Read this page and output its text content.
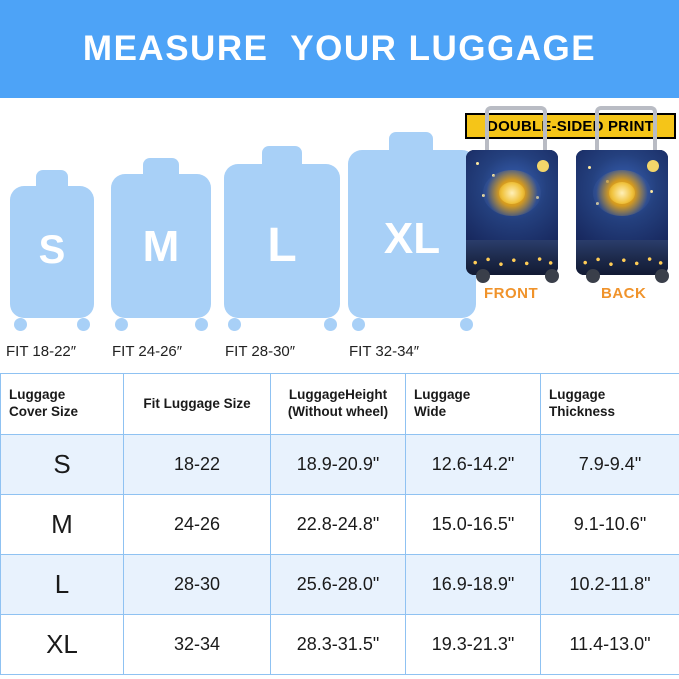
MEASURE  YOUR LUGGAGE
S
FIT 18-22″
M
FIT 24-26″
L
FIT 28-30″
XL
FIT 32-34″
DOUBLE-SIDED PRINT
FRONT	BACK
Luggage
Cover Size

Fit Luggage Size

LuggageHeight
(Without wheel)

Luggage
Wide

Luggage
Thickness

S	18-22	18.9-20.9"	12.6-14.2"	7.9-9.4"
M	24-26	22.8-24.8"	15.0-16.5"	9.1-10.6"
L	28-30	25.6-28.0"	16.9-18.9"	10.2-11.8"
XL	32-34	28.3-31.5"	19.3-21.3"	11.4-13.0"
